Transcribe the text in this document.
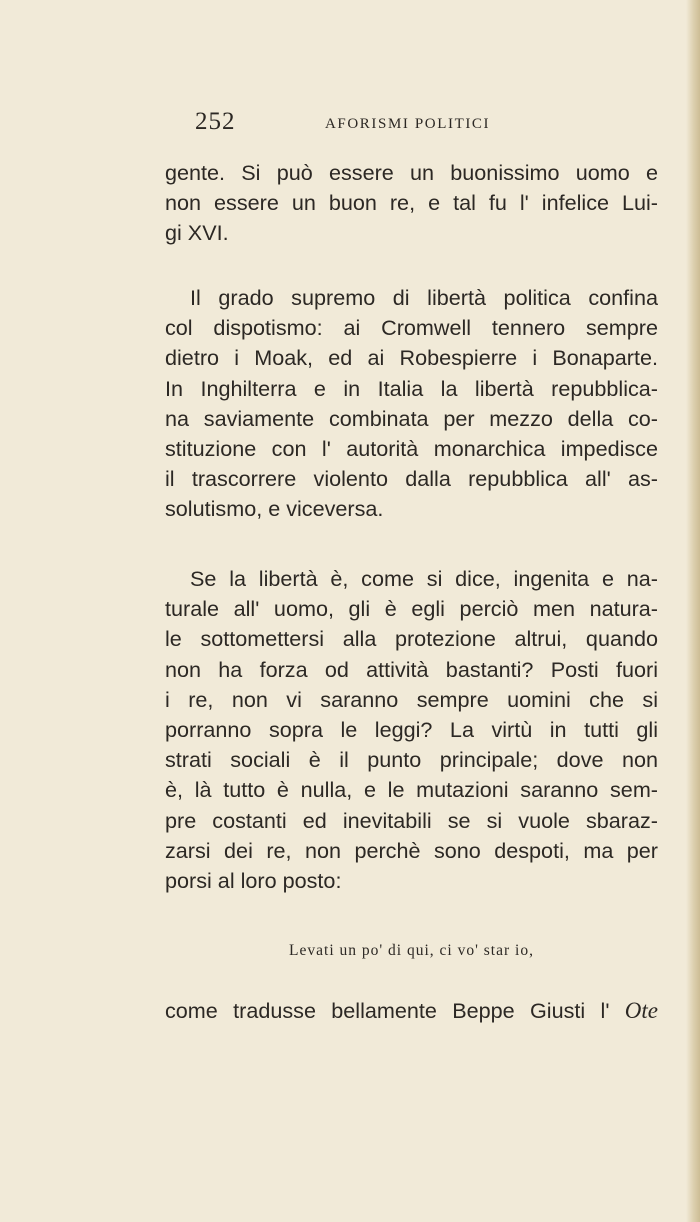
252	AFORISMI POLITICI
gente. Si può essere un buonissimo uomo e
non essere un buon re, e tal fu l' infelice Lui-
gi XVI.
Il grado supremo di libertà politica confina
col dispotismo: ai Cromwell tennero sempre
dietro i Moak, ed ai Robespierre i Bonaparte.
In Inghilterra e in Italia la libertà repubblica-
na saviamente combinata per mezzo della co-
stituzione con l' autorità monarchica impedisce
il trascorrere violento dalla repubblica all' as-
solutismo, e viceversa.
Se la libertà è, come si dice, ingenita e na-
turale all' uomo, gli è egli perciò men natura-
le sottomettersi alla protezione altrui, quando
non ha forza od attività bastanti? Posti fuori
i re, non vi saranno sempre uomini che si
porranno sopra le leggi? La virtù in tutti gli
strati sociali è il punto principale; dove non
è, là tutto è nulla, e le mutazioni saranno sem-
pre costanti ed inevitabili se si vuole sbaraz-
zarsi dei re, non perchè sono despoti, ma per
porsi al loro posto:
Levati un po' di qui, ci vo' star io,
come tradusse bellamente Beppe Giusti l' Ote
